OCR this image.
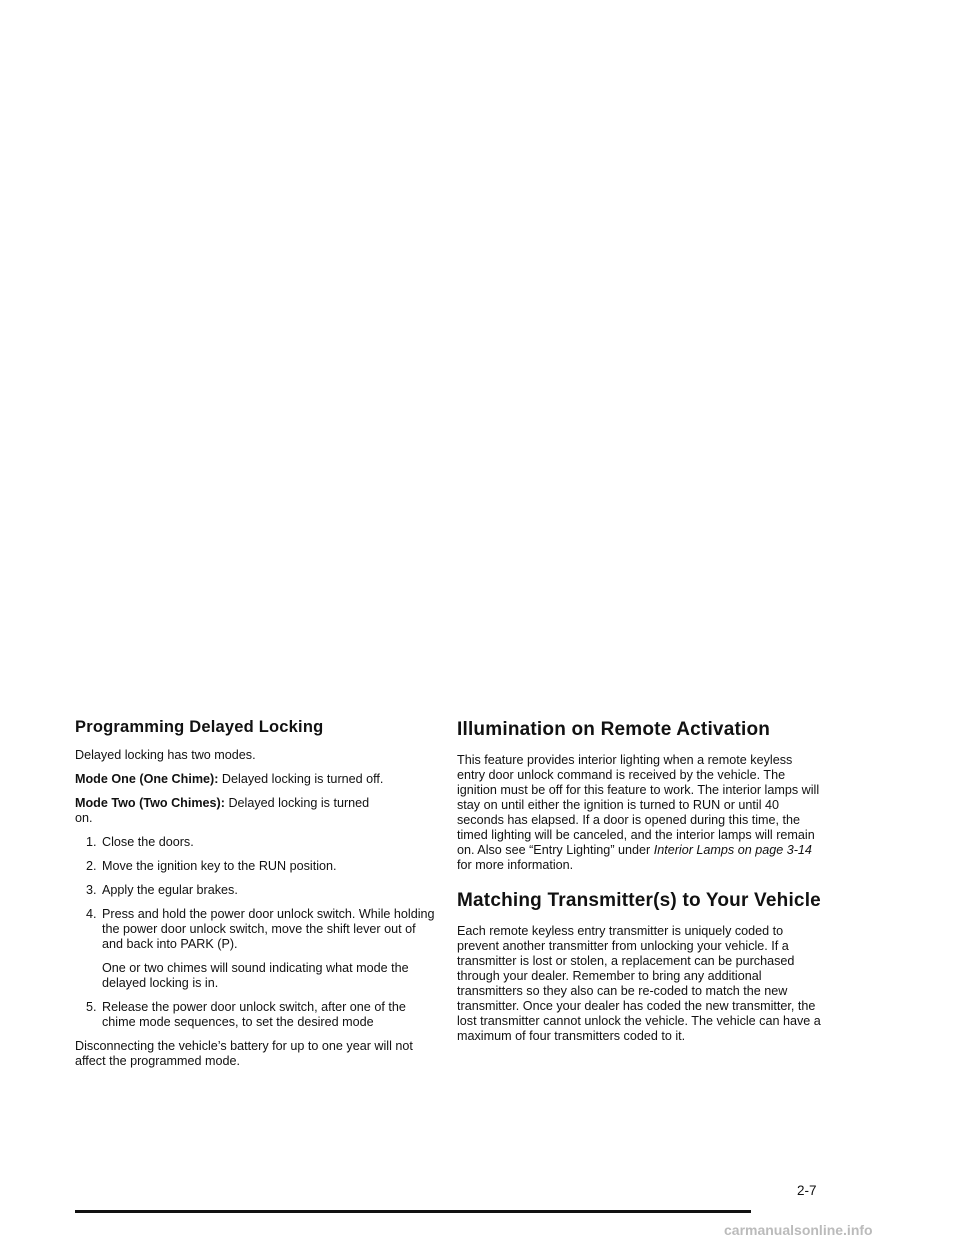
Programming Delayed Locking

Delayed locking has two modes.

Mode One (One Chime): Delayed locking is turned off.

Mode Two (Two Chimes): Delayed locking is turned on.

1. Close the doors.
2. Move the ignition key to the RUN position.
3. Apply the egular brakes.
4. Press and hold the power door unlock switch. While holding the power door unlock switch, move the shift lever out of and back into PARK (P).

One or two chimes will sound indicating what mode the delayed locking is in.

5. Release the power door unlock switch, after one of the chime mode sequences, to set the desired mode

Disconnecting the vehicle’s battery for up to one year will not affect the programmed mode.

Illumination on Remote Activation

This feature provides interior lighting when a remote keyless entry door unlock command is received by the vehicle. The ignition must be off for this feature to work. The interior lamps will stay on until either the ignition is turned to RUN or until 40 seconds has elapsed. If a door is opened during this time, the timed lighting will be canceled, and the interior lamps will remain on. Also see “Entry Lighting” under Interior Lamps on page 3-14 for more information.

Matching Transmitter(s) to Your Vehicle

Each remote keyless entry transmitter is uniquely coded to prevent another transmitter from unlocking your vehicle. If a transmitter is lost or stolen, a replacement can be purchased through your dealer. Remember to bring any additional transmitters so they also can be re-coded to match the new transmitter. Once your dealer has coded the new transmitter, the lost transmitter cannot unlock the vehicle. The vehicle can have a maximum of four transmitters coded to it.

2-7
carmanualsonline.info
